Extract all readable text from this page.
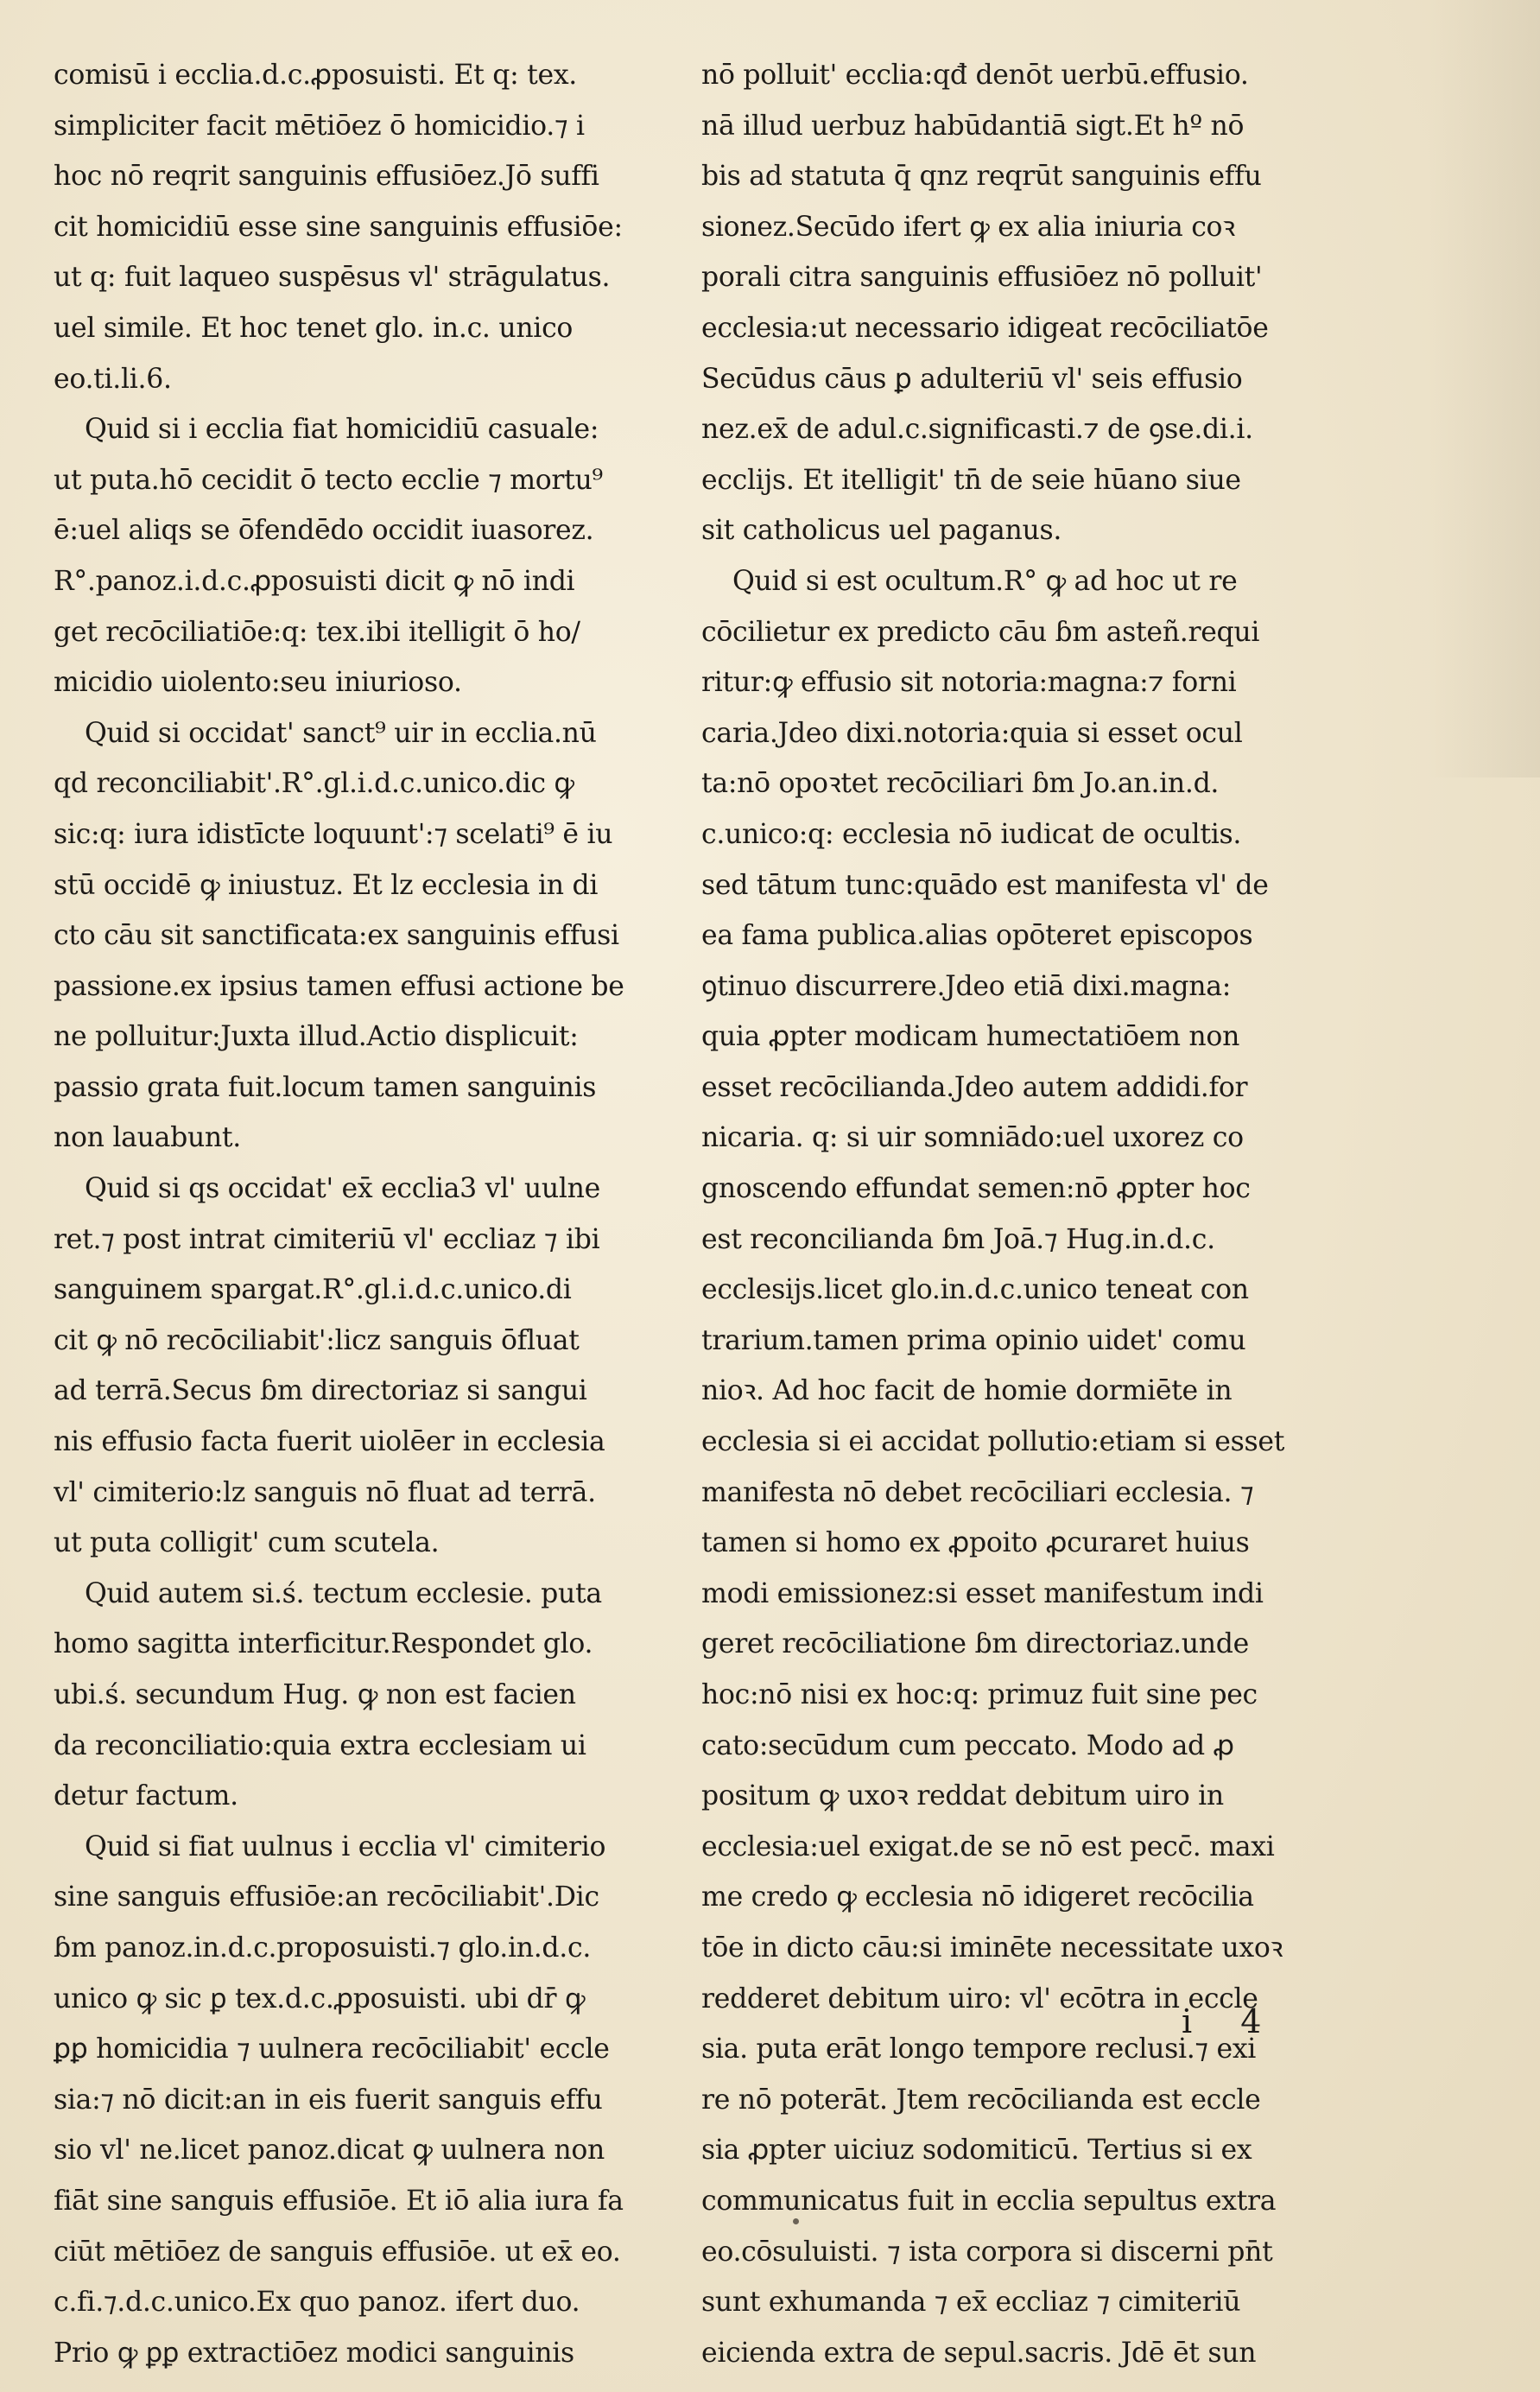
comisū i ecclia.d.c.ꝓposuisti. Et q: tex.
simpliciter facit mētiōez ō homicidio.⁊ i
hoc nō reqrit sanguinis effusiōez.Jō suffi
cit homicidiū esse sine sanguinis effusiōe:
ut q: fuit laqueo suspēsus vl' strāgulatus.
uel simile. Et hoc tenet glo. in.c. unico
eo.ti.li.6.
Quid si i ecclia fiat homicidiū casuale:
ut puta.hō cecidit ō tecto ecclie ⁊ mortu⁹
ē:uel aliqs se ōfendēdo occidit iuasorez.
R°.panoz.i.d.c.ꝓposuisti dicit ꝙ nō indi
get recōciliatiōe:q: tex.ibi itelligit ō ho/
micidio uiolento:seu iniurioso.
Quid si occidat' sanct⁹ uir in ecclia.nū
qd reconciliabit'.R°.gl.i.d.c.unico.dic ꝙ
sic:q: iura idistīcte loquunt':⁊ scelati⁹ ē iu
stū occidē ꝙ iniustuz. Et lz ecclesia in di
cto cāu sit sanctificata:ex sanguinis effusi
passione.ex ipsius tamen effusi actione be
ne polluitur:Juxta illud.Actio displicuit:
passio grata fuit.locum tamen sanguinis
non lauabunt.
Quid si qs occidat' ex̄ ecclia3 vl' uulne
ret.⁊ post intrat cimiteriū vl' eccliaz ⁊ ibi
sanguinem spargat.R°.gl.i.d.c.unico.di
cit ꝙ nō recōciliabit':licz sanguis ōfluat
ad terrā.Secus ɓm directoriaz si sangui
nis effusio facta fuerit uiolēer in ecclesia
vl' cimiterio:lz sanguis nō fluat ad terrā.
ut puta colligit' cum scutela.
Quid autem si.ś. tectum ecclesie. puta
homo sagitta interficitur.Respondet glo.
ubi.ś. secundum Hug. ꝙ non est facien
da reconciliatio:quia extra ecclesiam ui
detur factum.
Quid si fiat uulnus i ecclia vl' cimiterio
sine sanguis effusiōe:an recōciliabit'.Dic
ɓm panoz.in.d.c.proposuisti.⁊ glo.in.d.c.
unico ꝙ sic ꝑ tex.d.c.ꝓposuisti. ubi dr̄ ꝙ
ꝑꝑ homicidia ⁊ uulnera recōciliabit' eccle
sia:⁊ nō dicit:an in eis fuerit sanguis effu
sio vl' ne.licet panoz.dicat ꝙ uulnera non
fiāt sine sanguis effusiōe. Et iō alia iura fa
ciūt mētiōez de sanguis effusiōe. ut ex̄ eo.
c.fi.⁊.d.c.unico.Ex quo panoz. ifert duo.
Prio ꝙ ꝑꝑ extractiōez modici sanguinis
nō polluit' ecclia:qđ denōt uerbū.effusio.
nā illud uerbuz habūdantiā sigt.Et hº nō
bis ad statuta q̄ qnz reqrūt sanguinis effu
sionez.Secūdo ifert ꝙ ex alia iniuria coꝛ
porali citra sanguinis effusiōez nō polluit'
ecclesia:ut necessario idigeat recōciliatōe
Secūdus cāus ꝑ adulteriū vl' seis effusio
nez.ex̄ de adul.c.significasti.⁊ de ꝯse.di.i.
ecclijs. Et itelligit' tn̄ de seie hūano siue
sit catholicus uel paganus.
Quid si est ocultum.R° ꝙ ad hoc ut re
cōcilietur ex predicto cāu ɓm asteñ.requi
ritur:ꝙ effusio sit notoria:magna:⁊ forni
caria.Jdeo dixi.notoria:quia si esset ocul
ta:nō opoꝛtet recōciliari ɓm Jo.an.in.d.
c.unico:q: ecclesia nō iudicat de ocultis.
sed tātum tunc:quādo est manifesta vl' de
ea fama publica.alias opōteret episcopos
ꝯtinuo discurrere.Jdeo etiā dixi.magna:
quia ꝓpter modicam humectatiōem non
esset recōcilianda.Jdeo autem addidi.for
nicaria. q: si uir somniādo:uel uxorez co
gnoscendo effundat semen:nō ꝓpter hoc
est reconcilianda ɓm Joā.⁊ Hug.in.d.c.
ecclesijs.licet glo.in.d.c.unico teneat con
trarium.tamen prima opinio uidet' comu
nioꝛ. Ad hoc facit de homie dormiēte in
ecclesia si ei accidat pollutio:etiam si esset
manifesta nō debet recōciliari ecclesia. ⁊
tamen si homo ex ꝓpoito ꝓcuraret huius
modi emissionez:si esset manifestum indi
geret recōciliatione ɓm directoriaz.unde
hoc:nō nisi ex hoc:q: primuz fuit sine pec
cato:secūdum cum peccato. Modo ad ꝓ
positum ꝙ uxoꝛ reddat debitum uiro in
ecclesia:uel exigat.de se nō est pecc̄. maxi
me credo ꝙ ecclesia nō idigeret recōcilia
tōe in dicto cāu:si iminēte necessitate uxoꝛ
redderet debitum uiro: vl' ecōtra in eccle
sia. puta erāt longo tempore reclusi.⁊ exi
re nō poterāt. Jtem recōcilianda est eccle
sia ꝓpter uiciuz sodomiticū. Tertius si ex
communicatus fuit in ecclia sepultus extra
eo.cōsuluisti. ⁊ ista corpora si discerni pn̄t
sunt exhumanda ⁊ ex̄ eccliaz ⁊ cimiteriū
eicienda extra de sepul.sacris. Jdē ēt sun
i 4
